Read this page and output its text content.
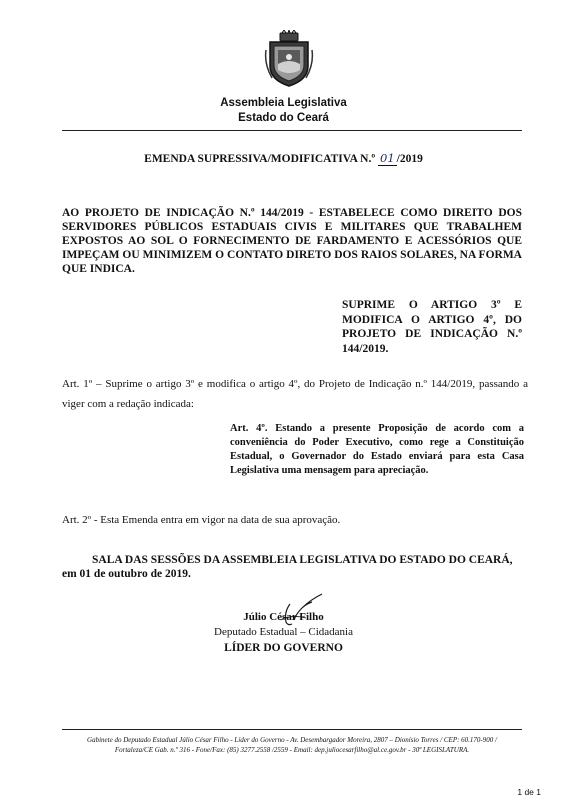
Assembleia Legislativa
Estado do Ceará
EMENDA SUPRESSIVA/MODIFICATIVA N.º 01 /2019
AO PROJETO DE INDICAÇÃO N.º 144/2019 - ESTABELECE COMO DIREITO DOS SERVIDORES PÚBLICOS ESTADUAIS CIVIS E MILITARES QUE TRABALHEM EXPOSTOS AO SOL O FORNECIMENTO DE FARDAMENTO E ACESSÓRIOS QUE IMPEÇAM OU MINIMIZEM O CONTATO DIRETO DOS RAIOS SOLARES, NA FORMA QUE INDICA.
SUPRIME O ARTIGO 3º E MODIFICA O ARTIGO 4º, DO PROJETO DE INDICAÇÃO N.º 144/2019.
Art. 1º – Suprime o artigo 3º e modifica o artigo 4º, do Projeto de Indicação n.º 144/2019, passando a viger com a redação indicada:
Art. 4º. Estando a presente Proposição de acordo com a conveniência do Poder Executivo, como rege a Constituição Estadual, o Governador do Estado enviará para esta Casa Legislativa uma mensagem para apreciação.
Art. 2º - Esta Emenda entra em vigor na data de sua aprovação.
SALA DAS SESSÕES DA ASSEMBLEIA LEGISLATIVA DO ESTADO DO CEARÁ, em 01 de outubro de 2019.
Júlio César Filho
Deputado Estadual – Cidadania
LÍDER DO GOVERNO
Gabinete do Deputado Estadual Júlio César Filho - Líder do Governo - Av. Desembargador Moreira, 2807 – Dionísio Torres / CEP: 60.170-900 /
Fortaleza/CE Gab. n.º 316 - Fone/Fax: (85) 3277.2558 /2559 - Email: dep.juliocesarfilho@al.ce.gov.br - 30ª LEGISLATURA.
1 de 1
